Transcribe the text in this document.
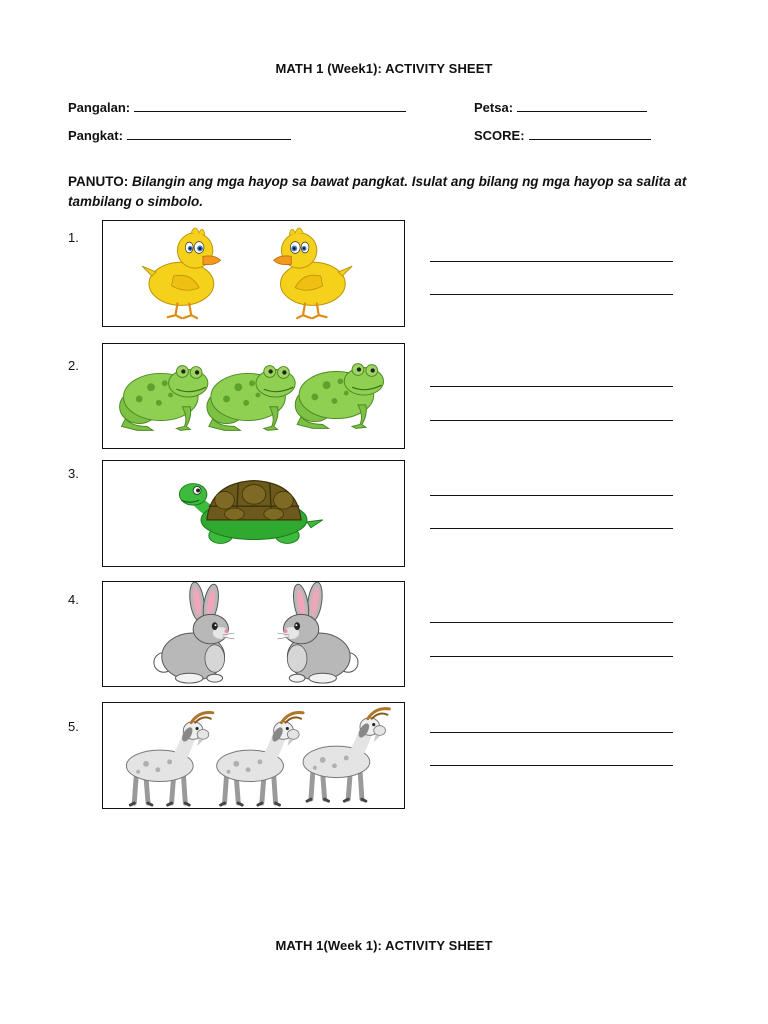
MATH 1 (Week1): ACTIVITY SHEET
Pangalan:	Petsa:
Pangkat:	SCORE:
PANUTO: Bilangin ang mga hayop sa bawat pangkat. Isulat ang bilang ng mga hayop sa salita at tambilang o simbolo.
1.
2.
3.
4.
5.
MATH 1(Week 1): ACTIVITY SHEET
